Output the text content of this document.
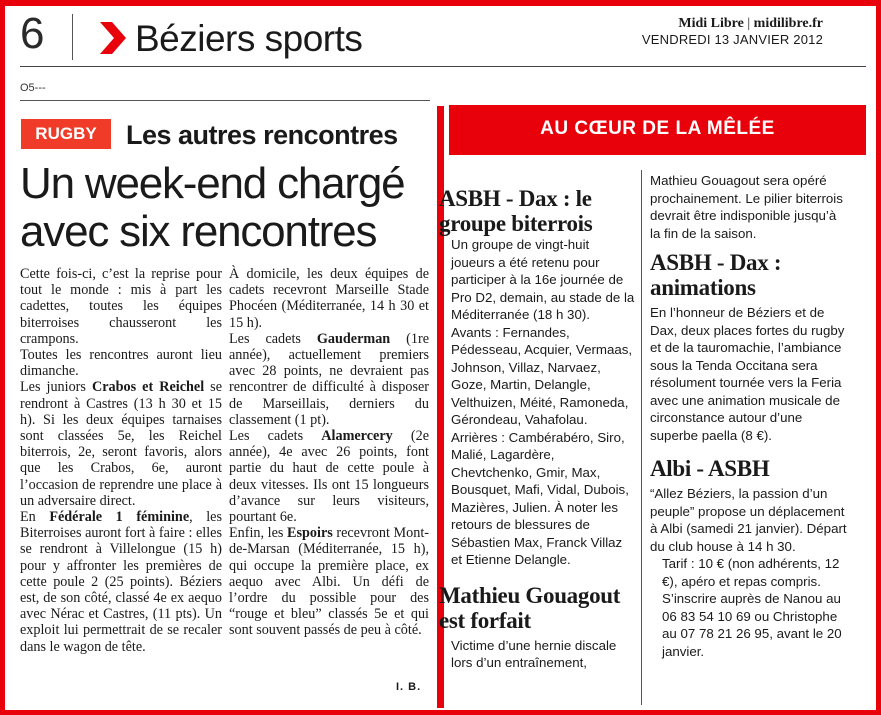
6 Béziers sports	Midi Libre | midilibre.fr
VENDREDI 13 JANVIER 2012
O5---
RUGBY	Les autres rencontres
Un week-end chargé
avec six rencontres

Cette fois-ci, c’est la reprise pour tout le monde : mis à part les cadettes, toutes les équipes biterroises chausseront les crampons.

Toutes les rencontres auront lieu dimanche.

Les juniors Crabos et Reichel se rendront à Castres (13 h 30 et 15 h). Si les deux équipes tarnaises sont classées 5e, les Reichel biterrois, 2e, seront favoris, alors que les Crabos, 6e, auront l’occasion de reprendre une place à un adversaire direct.

En Fédérale 1 féminine, les Biterroises auront fort à faire : elles se rendront à Villelongue (15 h) pour y affronter les premières de cette poule 2 (25 points). Béziers est, de son côté, classé 4e ex aequo avec Nérac et Castres, (11 pts). Un exploit lui permettrait de se recaler dans le wagon de tête.

À domicile, les deux équipes de cadets recevront Marseille Stade Phocéen (Méditerranée, 14 h 30 et 15 h).

Les cadets Gauderman (1re année), actuellement premiers avec 28 points, ne devraient pas rencontrer de difficulté à disposer de Marseillais, derniers du classement (1 pt).

Les cadets Alamercery (2e année), 4e avec 26 points, font partie du haut de cette poule à deux vitesses. Ils ont 15 longueurs d’avance sur leurs visiteurs, pourtant 6e.

Enfin, les Espoirs recevront Mont-de-Marsan (Méditerranée, 15 h), qui occupe la première place, ex aequo avec Albi. Un défi de l’ordre du possible pour des “rouge et bleu” classés 5e et qui sont souvent passés de peu à côté.

I. B.
AU CŒUR DE LA MÊLÉE
ASBH - Dax : le groupe biterrois

Un groupe de vingt-huit joueurs a été retenu pour participer à la 16e journée de Pro D2, demain, au stade de la Méditerranée (18 h 30).

Avants : Fernandes, Pédesseau, Acquier, Vermaas, Johnson, Villaz, Narvaez, Goze, Martin, Delangle, Velthuizen, Méité, Ramoneda, Gérondeau, Vahafolau.

Arrières : Cambérabéro, Siro, Malié, Lagardère, Chevtchenko, Gmir, Max, Bousquet, Mafi, Vidal, Dubois, Mazières, Julien. À noter les retours de blessures de Sébastien Max, Franck Villaz et Etienne Delangle.

Mathieu Gouagout est forfait

Victime d’une hernie discale lors d’un entraînement,

Mathieu Gouagout sera opéré prochainement. Le pilier biterrois devrait être indisponible jusqu’à la fin de la saison.

ASBH - Dax : animations

En l’honneur de Béziers et de Dax, deux places fortes du rugby et de la tauromachie, l’ambiance sous la Tenda Occitana sera résolument tournée vers la Feria avec une animation musicale de circonstance autour d’une superbe paella (8 €).

Albi - ASBH

“Allez Béziers, la passion d’un peuple” propose un déplacement à Albi (samedi 21 janvier). Départ du club house à 14 h 30.

Tarif : 10 € (non adhérents, 12 €), apéro et repas compris. S’inscrire auprès de Nanou au 06 83 54 10 69 ou Christophe au 07 78 21 26 95, avant le 20 janvier.
